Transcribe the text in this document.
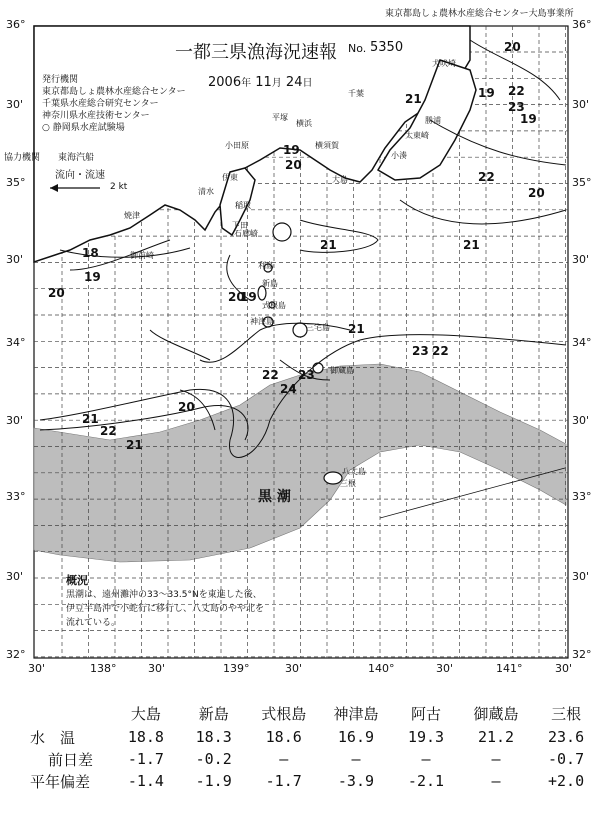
東京都島しょ農林水産総合センター大島事業所
一都三県漁海況速報 No. 5350
2006年 11月 24日
発行機関
東京都島しょ農林水産総合センター
千葉県水産総合研究センター
神奈川県水産技術センター
○ 静岡県水産試験場
協力機関 東海汽船
流向・流速
2 kt
36°
30'
35°
30'
34°
30'
33°
30'
32°
36°
30'
35°
30'
34°
30'
33°
30'
32°
30'	138°	30'	139°	30'	140°	30'	141°	30'
20
19 22
23
19
21
22
20
19
20
21
18
19
20	20
19
21
22
23
21
22
23
24
20
21
22
21
犬吠埼
勝浦
小湊
太東崎
千葉
横浜
横須賀
平塚
小田原
伊東
稲取
下田
石廊崎
御前崎
焼津
清水
大島
利島
新島
式根島
神津島
三宅島
御蔵島
八丈島
三根
黒 潮
概況
黒潮は、遠州灘沖の33〜33.5°Nを東進した後、
伊豆半島沖で小蛇行に移行し、八丈島のやや北を
流れている。
	大島	新島	式根島	神津島	阿古	御蔵島	三根
水　温	18.8	18.3	18.6	16.9	19.3	21.2	23.6
前日差	-1.7	-0.2	—	—	—	—	-0.7
平年偏差	-1.4	-1.9	-1.7	-3.9	-2.1	—	+2.0
